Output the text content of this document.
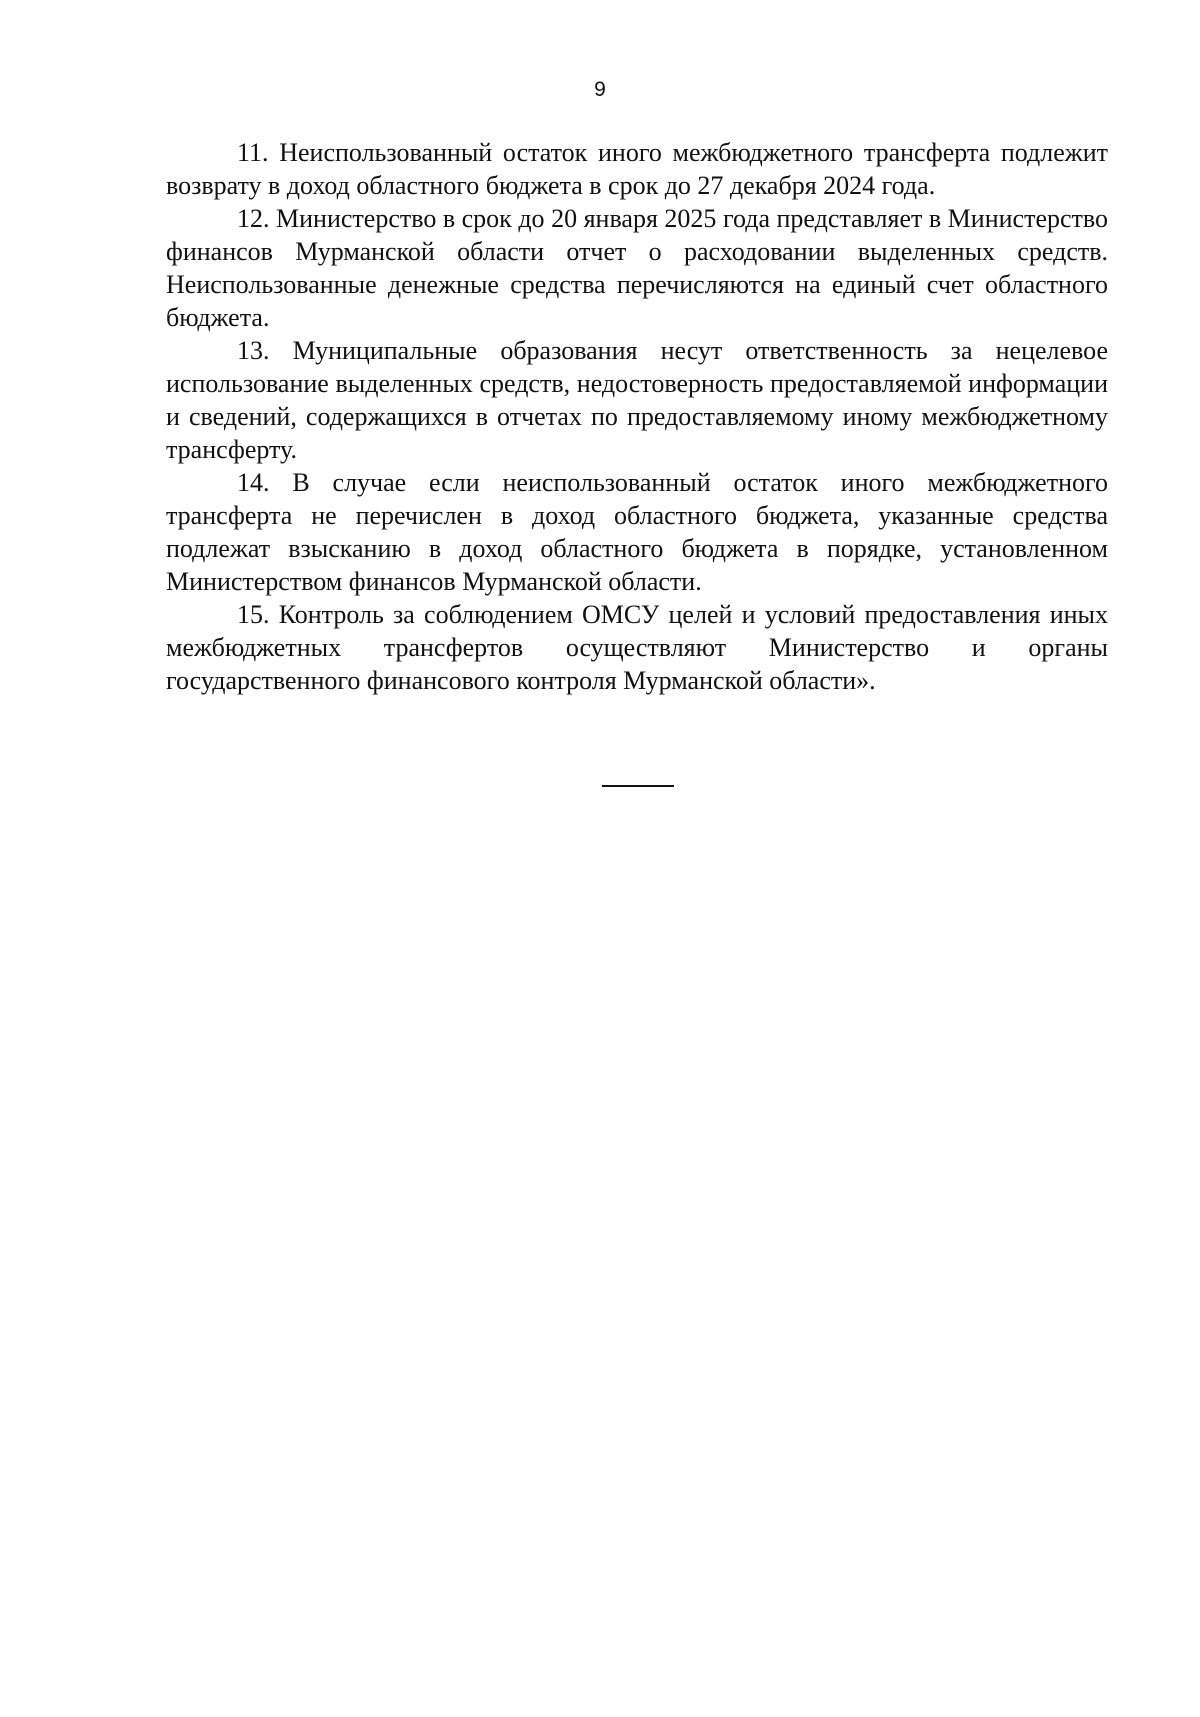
9

11. Неиспользованный остаток иного межбюджетного трансферта подлежит возврату в доход областного бюджета в срок до 27 декабря 2024 года.

12. Министерство в срок до 20 января 2025 года представляет в Министерство финансов Мурманской области отчет о расходовании выделенных средств. Неиспользованные денежные средства перечисляются на единый счет областного бюджета.

13. Муниципальные образования несут ответственность за нецелевое использование выделенных средств, недостоверность предоставляемой информации и сведений, содержащихся в отчетах по предоставляемому иному межбюджетному трансферту.

14. В случае если неиспользованный остаток иного межбюджетного трансферта не перечислен в доход областного бюджета, указанные средства подлежат взысканию в доход областного бюджета в порядке, установленном Министерством финансов Мурманской области.

15. Контроль за соблюдением ОМСУ целей и условий предоставления иных межбюджетных трансфертов осуществляют Министерство и органы государственного финансового контроля Мурманской области».
